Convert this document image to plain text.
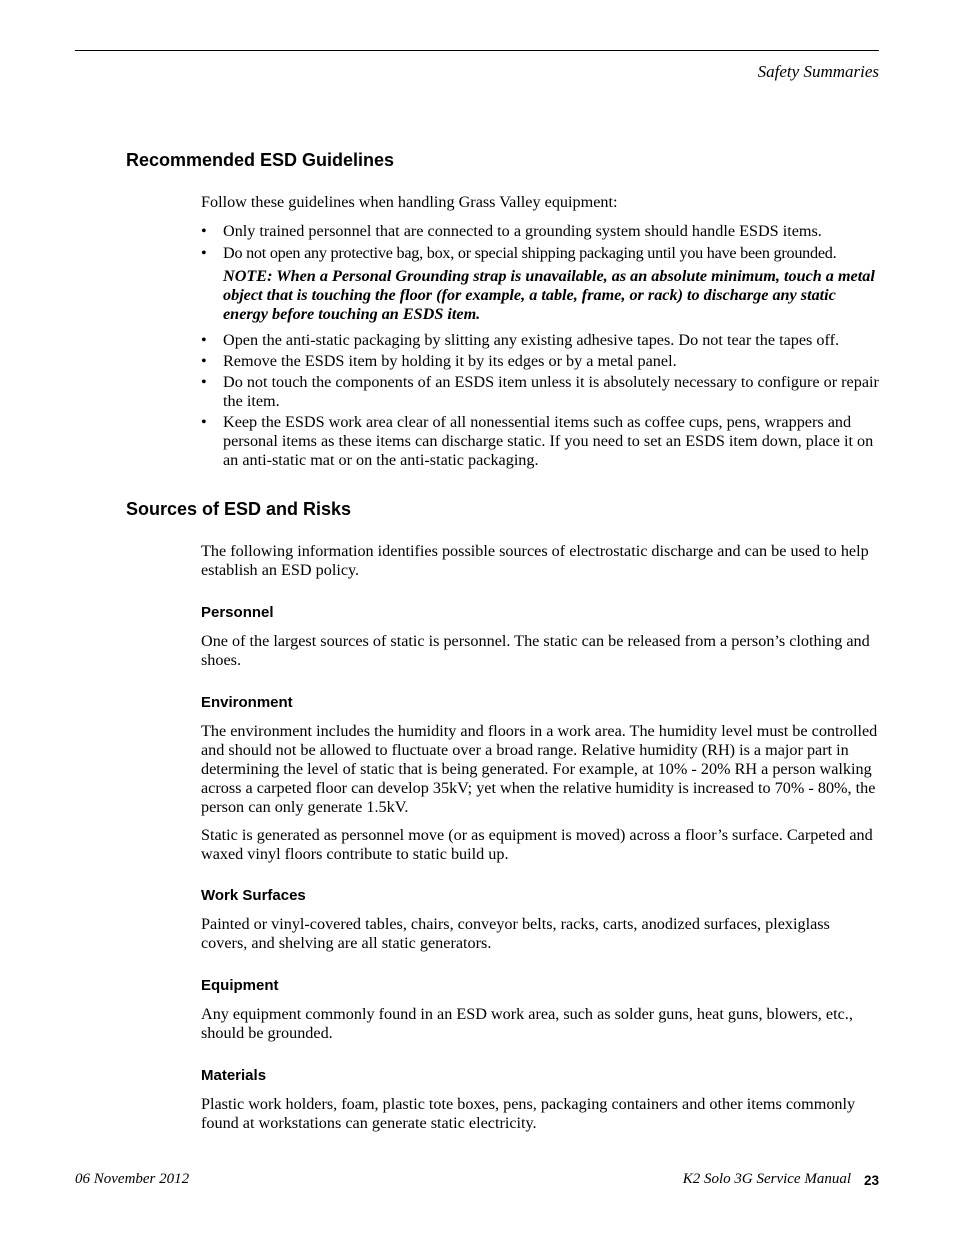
Safety Summaries
Recommended ESD Guidelines

Follow these guidelines when handling Grass Valley equipment:

• Only trained personnel that are connected to a grounding system should handle ESDS items.
• Do not open any protective bag, box, or special shipping packaging until you have been grounded.

NOTE: When a Personal Grounding strap is unavailable, as an absolute minimum, touch a metal object that is touching the floor (for example, a table, frame, or rack) to discharge any static energy before touching an ESDS item.

• Open the anti-static packaging by slitting any existing adhesive tapes. Do not tear the tapes off.
• Remove the ESDS item by holding it by its edges or by a metal panel.
• Do not touch the components of an ESDS item unless it is absolutely necessary to configure or repair the item.
• Keep the ESDS work area clear of all nonessential items such as coffee cups, pens, wrappers and personal items as these items can discharge static. If you need to set an ESDS item down, place it on an anti-static mat or on the anti-static packaging.
Sources of ESD and Risks

The following information identifies possible sources of electrostatic discharge and can be used to help establish an ESD policy.

Personnel

One of the largest sources of static is personnel. The static can be released from a person’s clothing and shoes.

Environment

The environment includes the humidity and floors in a work area. The humidity level must be controlled and should not be allowed to fluctuate over a broad range. Relative humidity (RH) is a major part in determining the level of static that is being generated. For example, at 10% - 20% RH a person walking across a carpeted floor can develop 35kV; yet when the relative humidity is increased to 70% - 80%, the person can only generate 1.5kV.

Static is generated as personnel move (or as equipment is moved) across a floor’s surface. Carpeted and waxed vinyl floors contribute to static build up.

Work Surfaces

Painted or vinyl-covered tables, chairs, conveyor belts, racks, carts, anodized surfaces, plexiglass covers, and shelving are all static generators.

Equipment

Any equipment commonly found in an ESD work area, such as solder guns, heat guns, blowers, etc., should be grounded.

Materials

Plastic work holders, foam, plastic tote boxes, pens, packaging containers and other items commonly found at workstations can generate static electricity.

06 November 2012	K2 Solo 3G Service Manual 23
